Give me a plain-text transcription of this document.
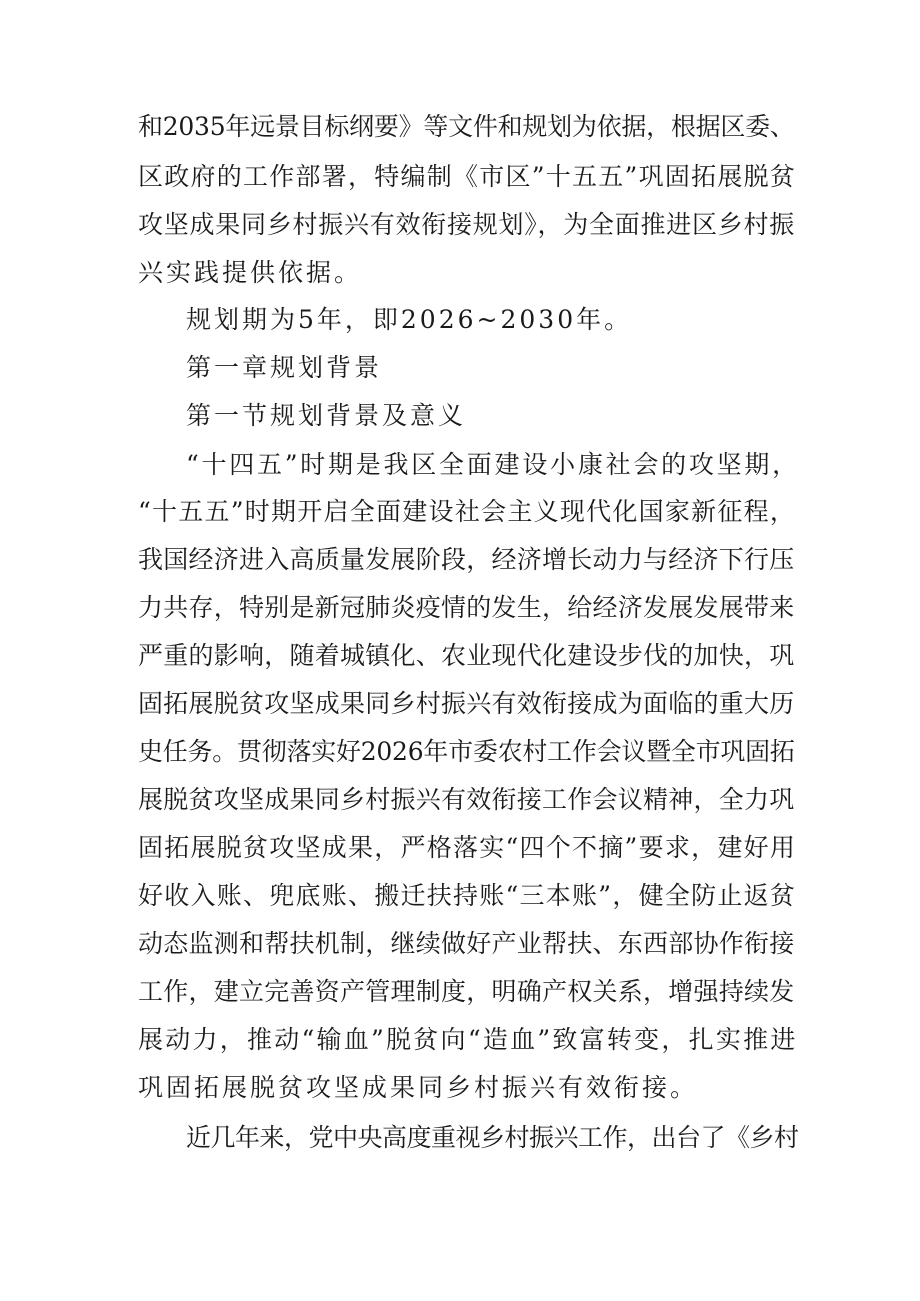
和2035年远景目标纲要》等文件和规划为依据，根据区委、
区政府的工作部署，特编制《市区”十五五”巩固拓展脱贫
攻坚成果同乡村振兴有效衔接规划》，为全面推进区乡村振
兴实践提供依据。
规划期为5年，即2026~2030年。
第一章规划背景
第一节规划背景及意义
“十四五”时期是我区全面建设小康社会的攻坚期，
“十五五”时期开启全面建设社会主义现代化国家新征程，
我国经济进入高质量发展阶段，经济增长动力与经济下行压
力共存，特别是新冠肺炎疫情的发生，给经济发展发展带来
严重的影响，随着城镇化、农业现代化建设步伐的加快，巩
固拓展脱贫攻坚成果同乡村振兴有效衔接成为面临的重大历
史任务。贯彻落实好2026年市委农村工作会议暨全市巩固拓
展脱贫攻坚成果同乡村振兴有效衔接工作会议精神，全力巩
固拓展脱贫攻坚成果，严格落实“四个不摘”要求，建好用
好收入账、兜底账、搬迁扶持账“三本账”，健全防止返贫
动态监测和帮扶机制，继续做好产业帮扶、东西部协作衔接
工作，建立完善资产管理制度，明确产权关系，增强持续发
展动力，推动“输血”脱贫向“造血”致富转变，扎实推进
巩固拓展脱贫攻坚成果同乡村振兴有效衔接。
近几年来，党中央高度重视乡村振兴工作，出台了《乡村
